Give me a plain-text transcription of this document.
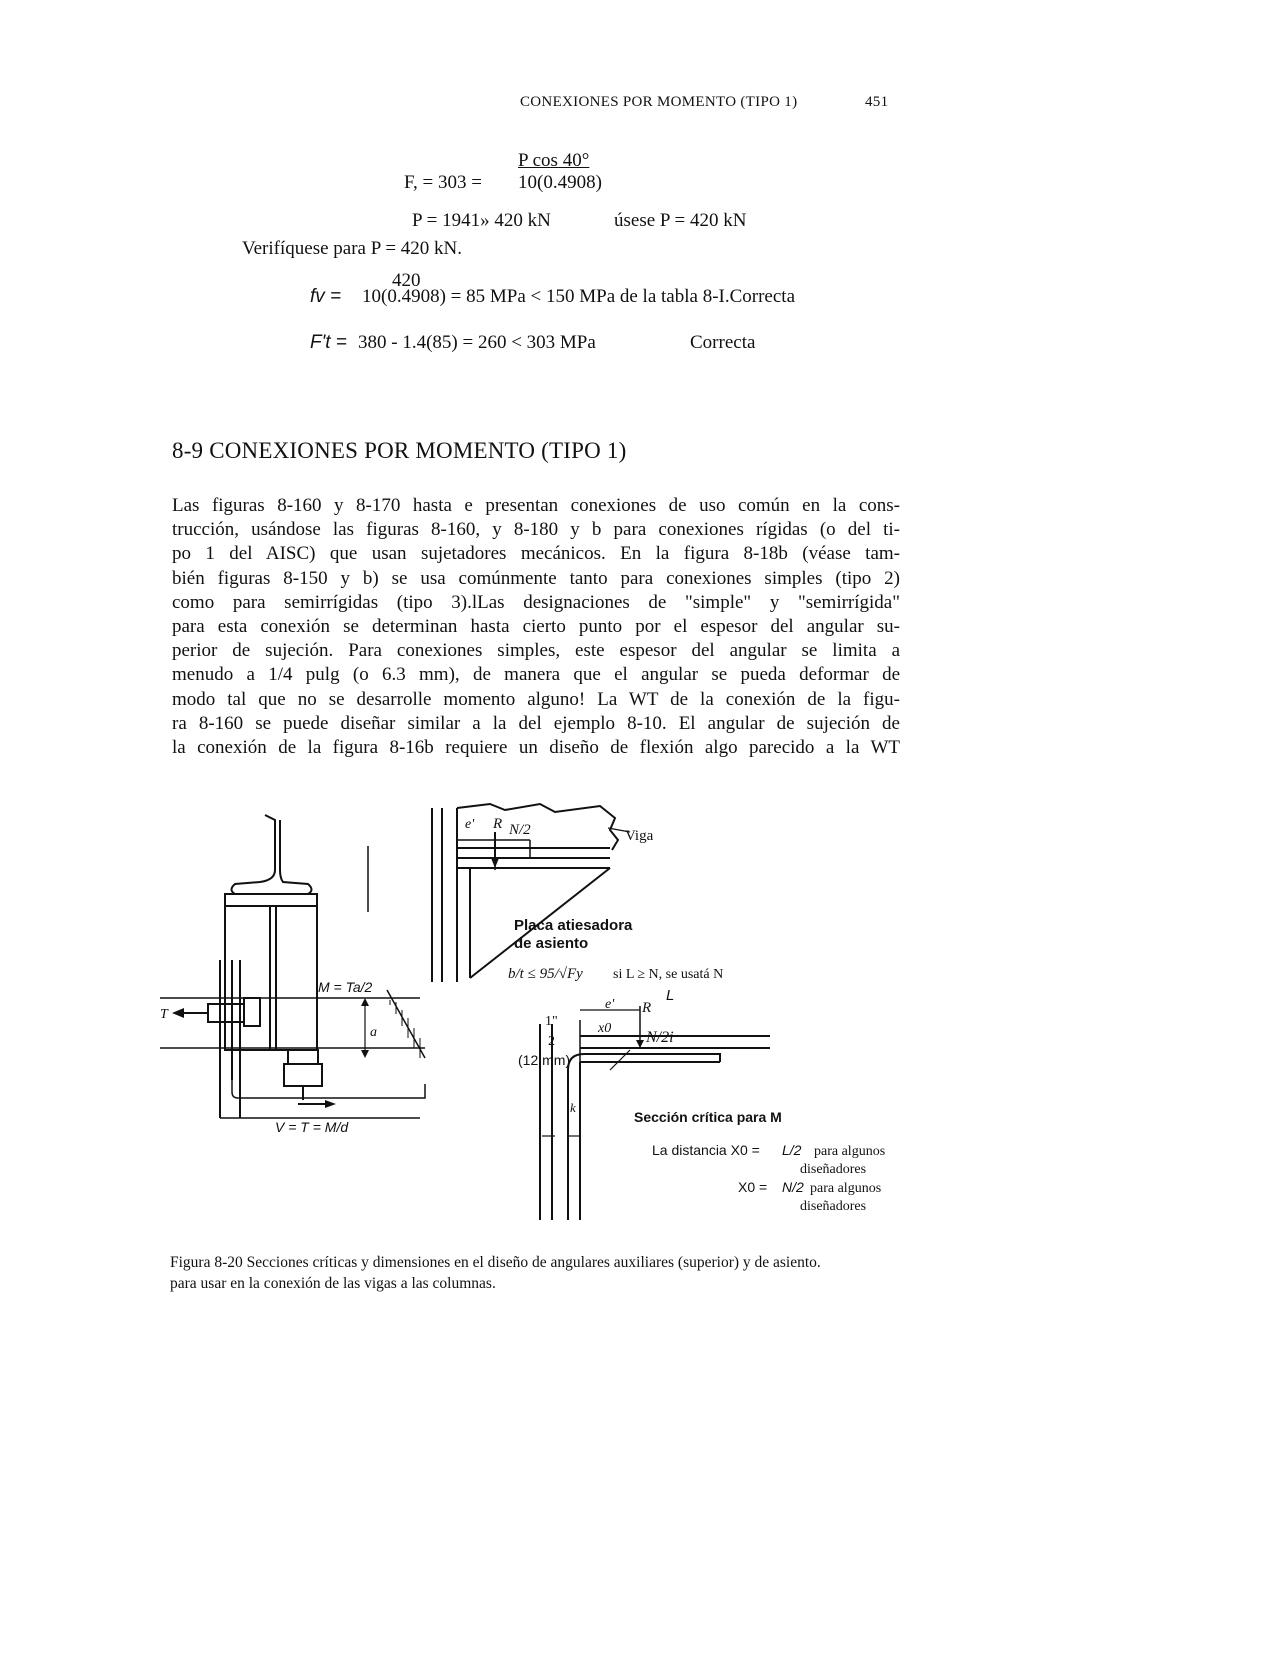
CONEXIONES POR MOMENTO (TIPO 1)	451
P cos 40°
F, = 303 = 10(0.4908)
P = 1941» 420 kN	úsese P = 420 kN
Verifíquese para P = 420 kN.
420
fv = 10(0.4908) = 85 MPa < 150 MPa de la tabla 8-I.Correcta
F't = 380 - 1.4(85) = 260 < 303 MPa	Correcta
8-9 CONEXIONES POR MOMENTO (TIPO 1)
Las figuras 8-160 y 8-170 hasta e presentan conexiones de uso común en la cons-
trucción, usándose las figuras 8-160, y 8-180 y b para conexiones rígidas (o del ti-
po 1 del AISC) que usan sujetadores mecánicos. En la figura 8-18b (véase tam-
bién figuras 8-150 y b) se usa comúnmente tanto para conexiones simples (tipo 2)
como para semirrígidas (tipo 3).lLas designaciones de "simple" y "semirrígida"
para esta conexión se determinan hasta cierto punto por el espesor del angular su-
perior de sujeción. Para conexiones simples, este espesor del angular se limita a
menudo a 1/4 pulg (o 6.3 mm), de manera que el angular se pueda deformar de
modo tal que no se desarrolle momento alguno! La WT de la conexión de la figu-
ra 8-160 se puede diseñar similar a la del ejemplo 8-10. El angular de sujeción de
la conexión de la figura 8-16b requiere un diseño de flexión algo parecido a la WT
Viga
R
e' N/2
Placa atiesadora
de asiento
b/t ≤ 95/√Fy si L ≥ N, se usatá N
L
M = Ta/2
T
a
V = T = M/d
1"
2
(12 mm)
e' R
x0
N/2i
k
Sección crítica para M
La distancia X0 = L/2 para algunos
diseñadores
X0 = N/2 para algunos
diseñadores
Figura 8-20 Secciones críticas y dimensiones en el diseño de angulares auxiliares (superior) y de asiento.
para usar en la conexión de las vigas a las columnas.
